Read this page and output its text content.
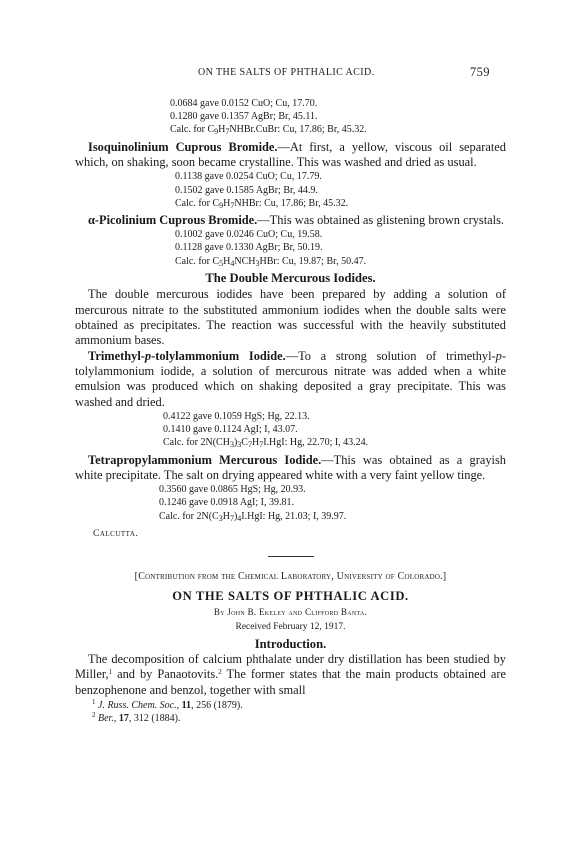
ON THE SALTS OF PHTHALIC ACID.	759
0.0684 gave 0.0152 CuO; Cu, 17.70.
0.1280 gave 0.1357 AgBr; Br, 45.11.
Calc. for $C_9H_7NHBr.CuBr$: Cu, 17.86; Br, 45.32.

Isoquinolinium Cuprous Bromide.—At first, a yellow, viscous oil separated which, on shaking, soon became crystalline. This was washed and dried as usual.

0.1138 gave 0.0254 CuO; Cu, 17.79.
0.1502 gave 0.1585 AgBr; Br, 44.9.
Calc. for $C_9H_7NHBr$: Cu, 17.86; Br, 45.32.

α-Picolinium Cuprous Bromide.—This was obtained as glistening brown crystals.

0.1002 gave 0.0246 CuO; Cu, 19.58.
0.1128 gave 0.1330 AgBr; Br, 50.19.
Calc. for $C_5H_4NCH_3HBr$: Cu, 19.87; Br, 50.47.
The Double Mercurous Iodides.

The double mercurous iodides have been prepared by adding a solution of mercurous nitrate to the substituted ammonium iodides when the double salts were obtained as precipitates. The reaction was successful with the heavily substituted ammonium bases.

Trimethyl-p-tolylammonium Iodide.—To a strong solution of trimethyl-p-tolylammonium iodide, a solution of mercurous nitrate was added when a white emulsion was produced which on shaking deposited a gray precipitate. This was washed and dried.

0.4122 gave 0.1059 HgS; Hg, 22.13.
0.1410 gave 0.1124 AgI; I, 43.07.
Calc. for $2N(CH_3)_3C_7H_7I.HgI$: Hg, 22.70; I, 43.24.

Tetrapropylammonium Mercurous Iodide.—This was obtained as a grayish white precipitate. The salt on drying appeared white with a very faint yellow tinge.

0.3560 gave 0.0865 HgS; Hg, 20.93.
0.1246 gave 0.0918 AgI; I, 39.81.
Calc. for $2N(C_3H_7)_4I.HgI$: Hg, 21.03; I, 39.97.
Calcutta.
[Contribution from the Chemical Laboratory, University of Colorado.]
ON THE SALTS OF PHTHALIC ACID.
By John B. Ekeley and Clifford Banta.
Received February 12, 1917.
Introduction.

The decomposition of calcium phthalate under dry distillation has been studied by Miller,$^1$ and by Panaotovits.$^2$ The former states that the main products obtained are benzophenone and benzol, together with small

$^1$ J. Russ. Chem. Soc., 11, 256 (1879).
$^2$ Ber., 17, 312 (1884).
